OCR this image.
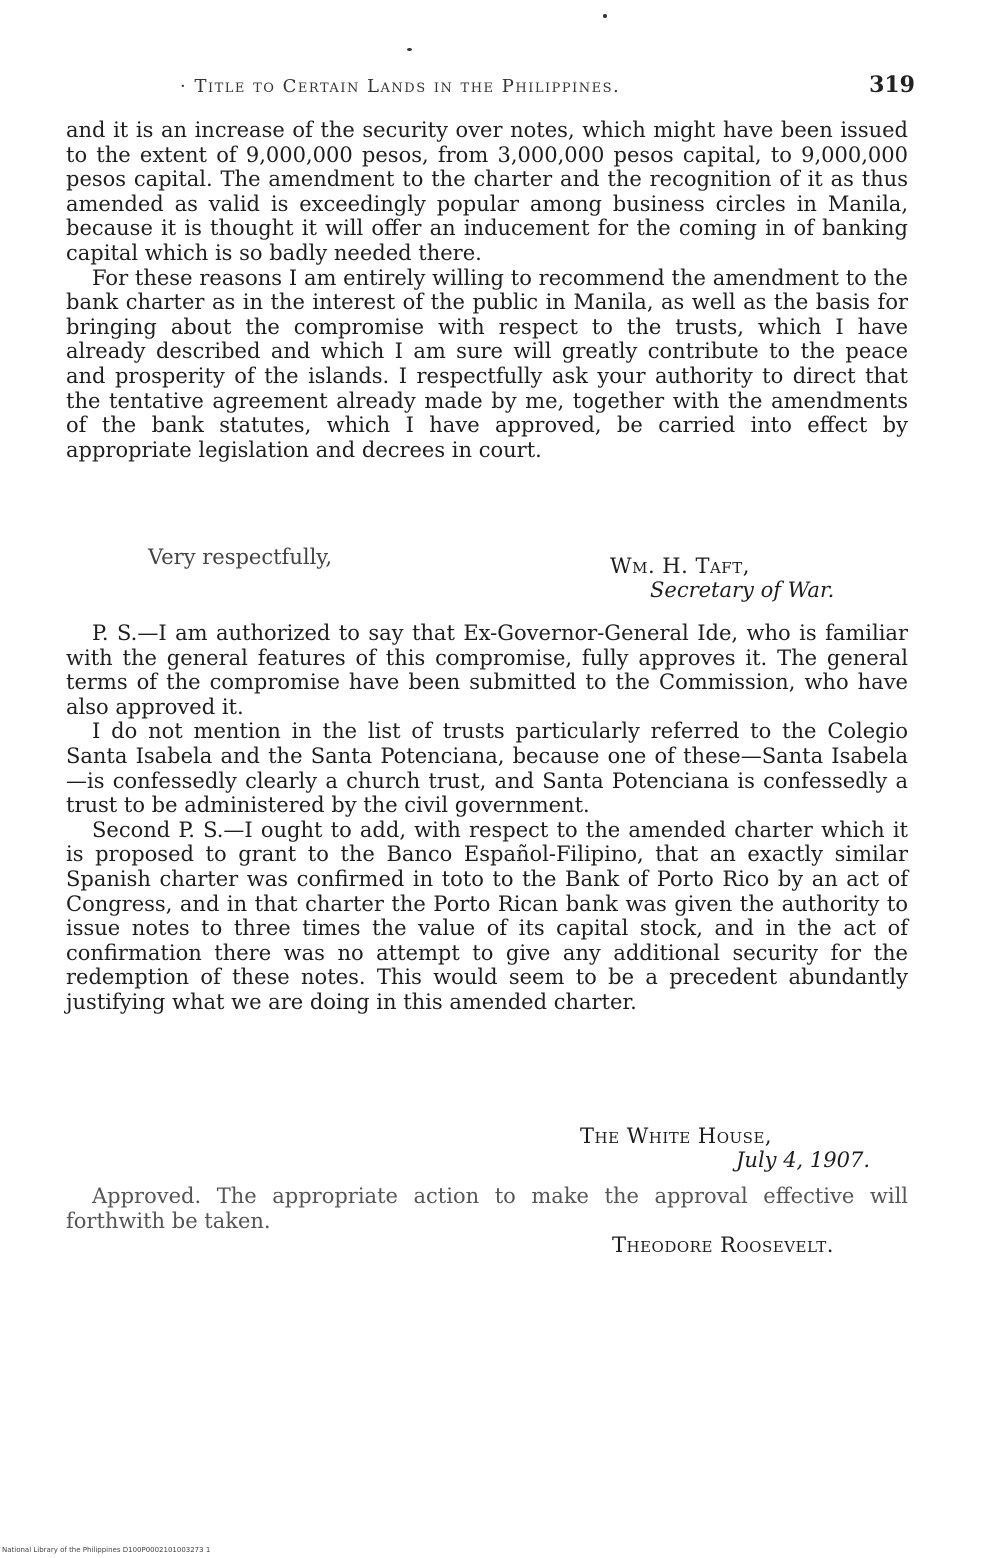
· Title to Certain Lands in the Philippines.	319

and it is an increase of the security over notes, which might have been issued to the extent of 9,000,000 pesos, from 3,000,000 pesos capital, to 9,000,000 pesos capital. The amendment to the charter and the recognition of it as thus amended as valid is exceedingly popular among business circles in Manila, because it is thought it will offer an inducement for the coming in of banking capital which is so badly needed there.

For these reasons I am entirely willing to recommend the amendment to the bank charter as in the interest of the public in Manila, as well as the basis for bringing about the compromise with respect to the trusts, which I have already described and which I am sure will greatly contribute to the peace and prosperity of the islands. I respectfully ask your authority to direct that the tentative agreement already made by me, together with the amendments of the bank statutes, which I have approved, be carried into effect by appropriate legislation and decrees in court.

Very respectfully,	Wm. H. Taft,
Secretary of War.

P. S.—I am authorized to say that Ex-Governor-General Ide, who is familiar with the general features of this compromise, fully approves it. The general terms of the compromise have been submitted to the Commission, who have also approved it.

I do not mention in the list of trusts particularly referred to the Colegio Santa Isabela and the Santa Potenciana, because one of these—Santa Isabela—is confessedly clearly a church trust, and Santa Potenciana is confessedly a trust to be administered by the civil government.

Second P. S.—I ought to add, with respect to the amended charter which it is proposed to grant to the Banco Español-Filipino, that an exactly similar Spanish charter was confirmed in toto to the Bank of Porto Rico by an act of Congress, and in that charter the Porto Rican bank was given the authority to issue notes to three times the value of its capital stock, and in the act of confirmation there was no attempt to give any additional security for the redemption of these notes. This would seem to be a precedent abundantly justifying what we are doing in this amended charter.

The White House,
July 4, 1907.

Approved. The appropriate action to make the approval effective will forthwith be taken.

Theodore Roosevelt.
National Library of the Philippines D100P0002101003273 1
